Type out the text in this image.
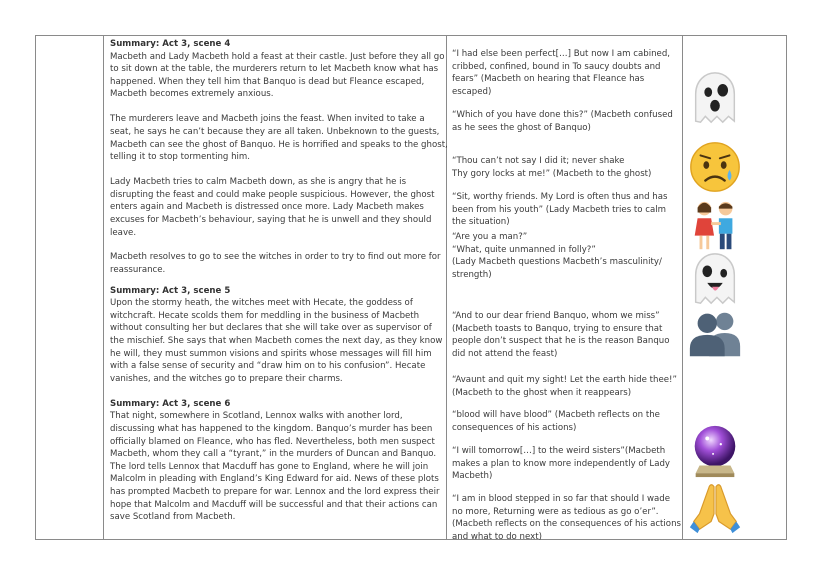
Summary: Act 3, scene 4

Macbeth and Lady Macbeth hold a feast at their castle. Just before they all go to sit down at the table, the murderers return to let Macbeth know what has happened. When they tell him that Banquo is dead but Fleance escaped, Macbeth becomes extremely anxious.

The murderers leave and Macbeth joins the feast. When invited to take a seat, he says he can’t because they are all taken. Unbeknown to the guests, Macbeth can see the ghost of Banquo. He is horrified and speaks to the ghost, telling it to stop tormenting him.

Lady Macbeth tries to calm Macbeth down, as she is angry that he is disrupting the feast and could make people suspicious. However, the ghost enters again and Macbeth is distressed once more. Lady Macbeth makes excuses for Macbeth’s behaviour, saying that he is unwell and they should leave.

Macbeth resolves to go to see the witches in order to try to find out more for reassurance.

Summary: Act 3, scene 5

Upon the stormy heath, the witches meet with Hecate, the goddess of witchcraft. Hecate scolds them for meddling in the business of Macbeth without consulting her but declares that she will take over as supervisor of the mischief. She says that when Macbeth comes the next day, as they know he will, they must summon visions and spirits whose messages will fill him with a false sense of security and “draw him on to his confusion”. Hecate vanishes, and the witches go to prepare their charms.

Summary: Act 3, scene 6

That night, somewhere in Scotland, Lennox walks with another lord, discussing what has happened to the kingdom. Banquo’s murder has been officially blamed on Fleance, who has fled. Nevertheless, both men suspect Macbeth, whom they call a “tyrant,” in the murders of Duncan and Banquo. The lord tells Lennox that Macduff has gone to England, where he will join Malcolm in pleading with England’s King Edward for aid. News of these plots has prompted Macbeth to prepare for war. Lennox and the lord express their hope that Malcolm and Macduff will be successful and that their actions can save Scotland from Macbeth.

“I had else been perfect[…] But now I am cabined, cribbed, confined, bound in To saucy doubts and fears” (Macbeth on hearing that Fleance has escaped)
“Which of you have done this?” (Macbeth confused as he sees the ghost of Banquo)
“Thou can’t not say I did it; never shake
Thy gory locks at me!” (Macbeth to the ghost)
“Sit, worthy friends. My Lord is often thus and has been from his youth” (Lady Macbeth tries to calm the situation)
“Are you a man?”
“What, quite unmanned in folly?”
(Lady Macbeth questions Macbeth’s masculinity/ strength)
“And to our dear friend Banquo, whom we miss” (Macbeth toasts to Banquo, trying to ensure that people don’t suspect that he is the reason Banquo did not attend the feast)
“Avaunt and quit my sight! Let the earth hide thee!” (Macbeth to the ghost when it reappears)
“blood will have blood” (Macbeth reflects on the consequences of his actions)
“I will tomorrow[…] to the weird sisters”(Macbeth makes a plan to know more independently of Lady Macbeth)
“I am in blood stepped in so far that should I wade no more, Returning were as tedious as go o’er”. (Macbeth reflects on the consequences of his actions and what to do next)
